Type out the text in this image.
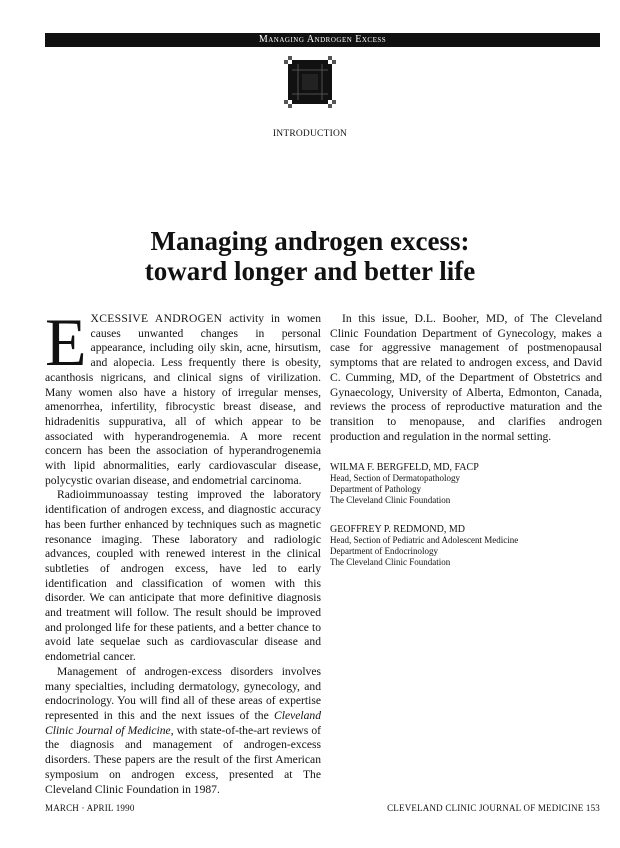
Managing Androgen Excess
INTRODUCTION
Managing androgen excess:
toward longer and better life

EXCESSIVE ANDROGEN activity in women causes unwanted changes in personal appearance, including oily skin, acne, hirsutism, and alopecia. Less frequently there is obesity, acanthosis nigricans, and clinical signs of virilization. Many women also have a history of irregular menses, amenorrhea, infertility, fibrocystic breast disease, and hidradenitis suppurativa, all of which appear to be associated with hyperandrogenemia. A more recent concern has been the association of hyperandrogenemia with lipid abnormalities, early cardiovascular disease, polycystic ovarian disease, and endometrial carcinoma.

Radioimmunoassay testing improved the laboratory identification of androgen excess, and diagnostic accuracy has been further enhanced by techniques such as magnetic resonance imaging. These laboratory and radiologic advances, coupled with renewed interest in the clinical subtleties of androgen excess, have led to early identification and classification of women with this disorder. We can anticipate that more definitive diagnosis and treatment will follow. The result should be improved and prolonged life for these patients, and a better chance to avoid late sequelae such as cardiovascular disease and endometrial cancer.

Management of androgen-excess disorders involves many specialties, including dermatology, gynecology, and endocrinology. You will find all of these areas of expertise represented in this and the next issues of the Cleveland Clinic Journal of Medicine, with state-of-the-art reviews of the diagnosis and management of androgen-excess disorders. These papers are the result of the first American symposium on androgen excess, presented at The Cleveland Clinic Foundation in 1987.

In this issue, D.L. Booher, MD, of The Cleveland Clinic Foundation Department of Gynecology, makes a case for aggressive management of postmenopausal symptoms that are related to androgen excess, and David C. Cumming, MD, of the Department of Obstetrics and Gynaecology, University of Alberta, Edmonton, Canada, reviews the process of reproductive maturation and the transition to menopause, and clarifies androgen production and regulation in the normal setting.

WILMA F. BERGFELD, MD, FACP
Head, Section of Dermatopathology
Department of Pathology
The Cleveland Clinic Foundation
GEOFFREY P. REDMOND, MD
Head, Section of Pediatric and Adolescent Medicine
Department of Endocrinology
The Cleveland Clinic Foundation
MARCH · APRIL 1990	CLEVELAND CLINIC JOURNAL OF MEDICINE 153
